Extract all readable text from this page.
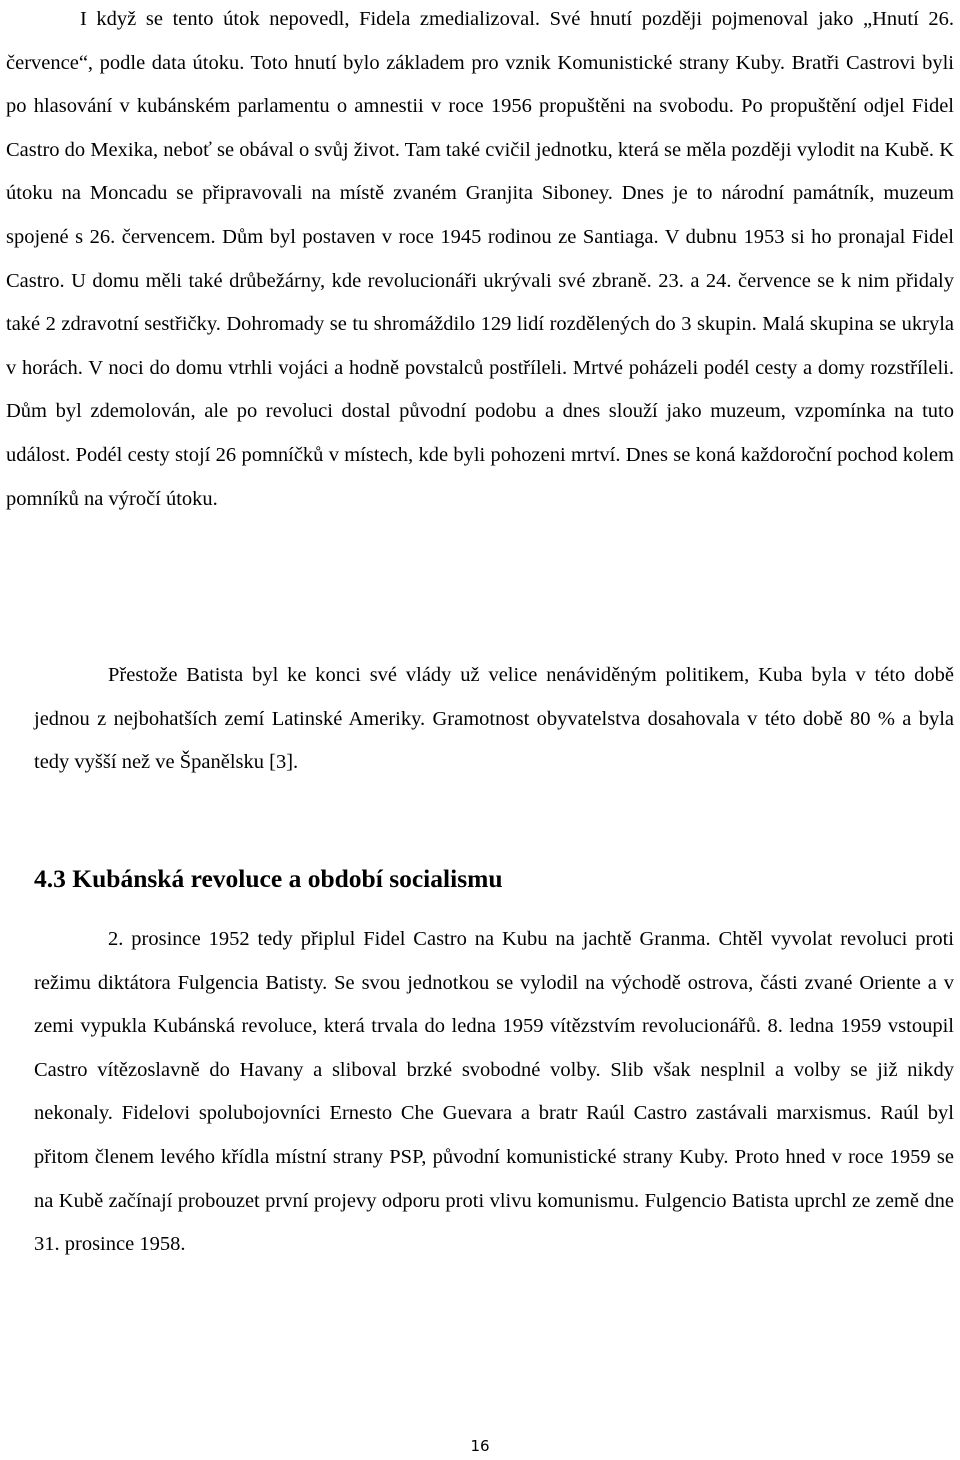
I když se tento útok nepovedl, Fidela zmedializoval. Své hnutí později pojmenoval jako „Hnutí 26. července“, podle data útoku. Toto hnutí bylo základem pro vznik Komunistické strany Kuby. Bratři Castrovi byli po hlasování v kubánském parlamentu o amnestii v roce 1956 propuštěni na svobodu. Po propuštění odjel Fidel Castro do Mexika, neboť se obával o svůj život. Tam také cvičil jednotku, která se měla později vylodit na Kubě. K útoku na Moncadu se připravovali na místě zvaném Granjita Siboney. Dnes je to národní památník, muzeum spojené s 26. červencem. Dům byl postaven v roce 1945 rodinou ze Santiaga. V dubnu 1953 si ho pronajal Fidel Castro. U domu měli také drůbežárny, kde revolucionáři ukrývali své zbraně. 23. a 24. července se k nim přidaly také 2 zdravotní sestřičky. Dohromady se tu shromáždilo 129 lidí rozdělených do 3 skupin. Malá skupina se ukryla v horách. V noci do domu vtrhli vojáci a hodně povstalců postříleli. Mrtvé poházeli podél cesty a domy rozstříleli. Dům byl zdemolován, ale po revoluci dostal původní podobu a dnes slouží jako muzeum, vzpomínka na tuto událost. Podél cesty stojí 26 pomníčků v místech, kde byli pohozeni mrtví. Dnes se koná každoroční pochod kolem pomníků na výročí útoku.

Přestože Batista byl ke konci své vlády už velice nenáviděným politikem, Kuba byla v této době jednou z nejbohatších zemí Latinské Ameriky. Gramotnost obyvatelstva dosahovala v této době 80 % a byla tedy vyšší než ve Španělsku [3].

4.3 Kubánská revoluce a období socialismu

2. prosince 1952 tedy připlul Fidel Castro na Kubu na jachtě Granma. Chtěl vyvolat revoluci proti režimu diktátora Fulgencia Batisty. Se svou jednotkou se vylodil na východě ostrova, části zvané Oriente a v zemi vypukla Kubánská revoluce, která trvala do ledna 1959 vítězstvím revolucionářů. 8. ledna 1959 vstoupil Castro vítězoslavně do Havany a sliboval brzké svobodné volby. Slib však nesplnil a volby se již nikdy nekonaly. Fidelovi spolubojovníci Ernesto Che Guevara a bratr Raúl Castro zastávali marxismus. Raúl byl přitom členem levého křídla místní strany PSP, původní komunistické strany Kuby. Proto hned v roce 1959 se na Kubě začínají probouzet první projevy odporu proti vlivu komunismu. Fulgencio Batista uprchl ze země dne 31. prosince 1958.

16
